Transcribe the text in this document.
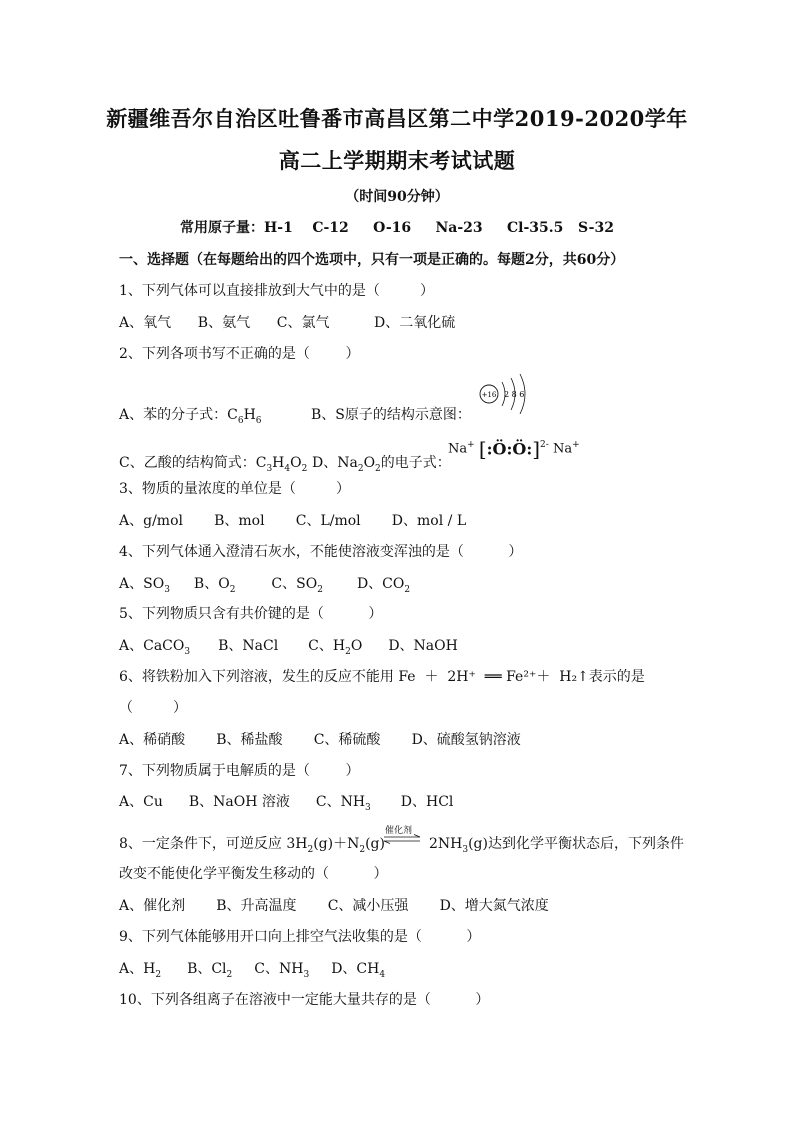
新疆维吾尔自治区吐鲁番市高昌区第二中学2019-2020学年
高二上学期期末考试试题
（时间90分钟）
常用原子量：H-1    C-12     O-16     Na-23     Cl-35.5   S-32
一、选择题（在每题给出的四个选项中，只有一项是正确的。每题2分，共60分）
1、下列气体可以直接排放到大气中的是（         ）
A、氧气      B、氨气      C、氯气          D、二氧化硫
2、下列各项书写不正确的是（        ）
A、苯的分子式：$C_6H_6$	B、S原子的结构示意图：
+16 2 8 6
C、乙酸的结构简式：$C_3H_4O_2$ D、$Na_2O_2$的电子式：
Na+ [:Ö:Ö:]$^{2-}$ Na+
3、物质的量浓度的单位是（         ）
A、g/mol       B、mol       C、L/mol       D、mol / L
4、下列气体通入澄清石灰水，不能使溶液变浑浊的是（          ）
A、$SO_3$ B、$O_2$	C、$SO_2$ D、$CO_2$
5、下列物质只含有共价键的是（          ）
A、CaCO$_3$ B、NaCl C、$H_2O$ D、NaOH
6、将铁粉加入下列溶液，发生的反应不能用 Fe  ＋  2H⁺  ══ Fe²⁺＋  H₂↑表示的是
（         ）
A、稀硝酸       B、稀盐酸       C、稀硫酸       D、硫酸氢钠溶液
7、下列物质属于电解质的是（        ）
A、Cu B、NaOH 溶液 C、$NH_3$ D、HCl
催化剂
8、一定条件下，可逆反应 $3H_2(g)+N_2(g)$	$2NH_3(g)$达到化学平衡状态后，下列条件
改变不能使化学平衡发生移动的（          ）
A、催化剂       B、升高温度       C、减小压强       D、增大氮气浓度
9、下列气体能够用开口向上排空气法收集的是（          ）
A、$H_2$ B、$Cl_2$ C、$NH_3$ D、$CH_4$
10、下列各组离子在溶液中一定能大量共存的是（          ）
